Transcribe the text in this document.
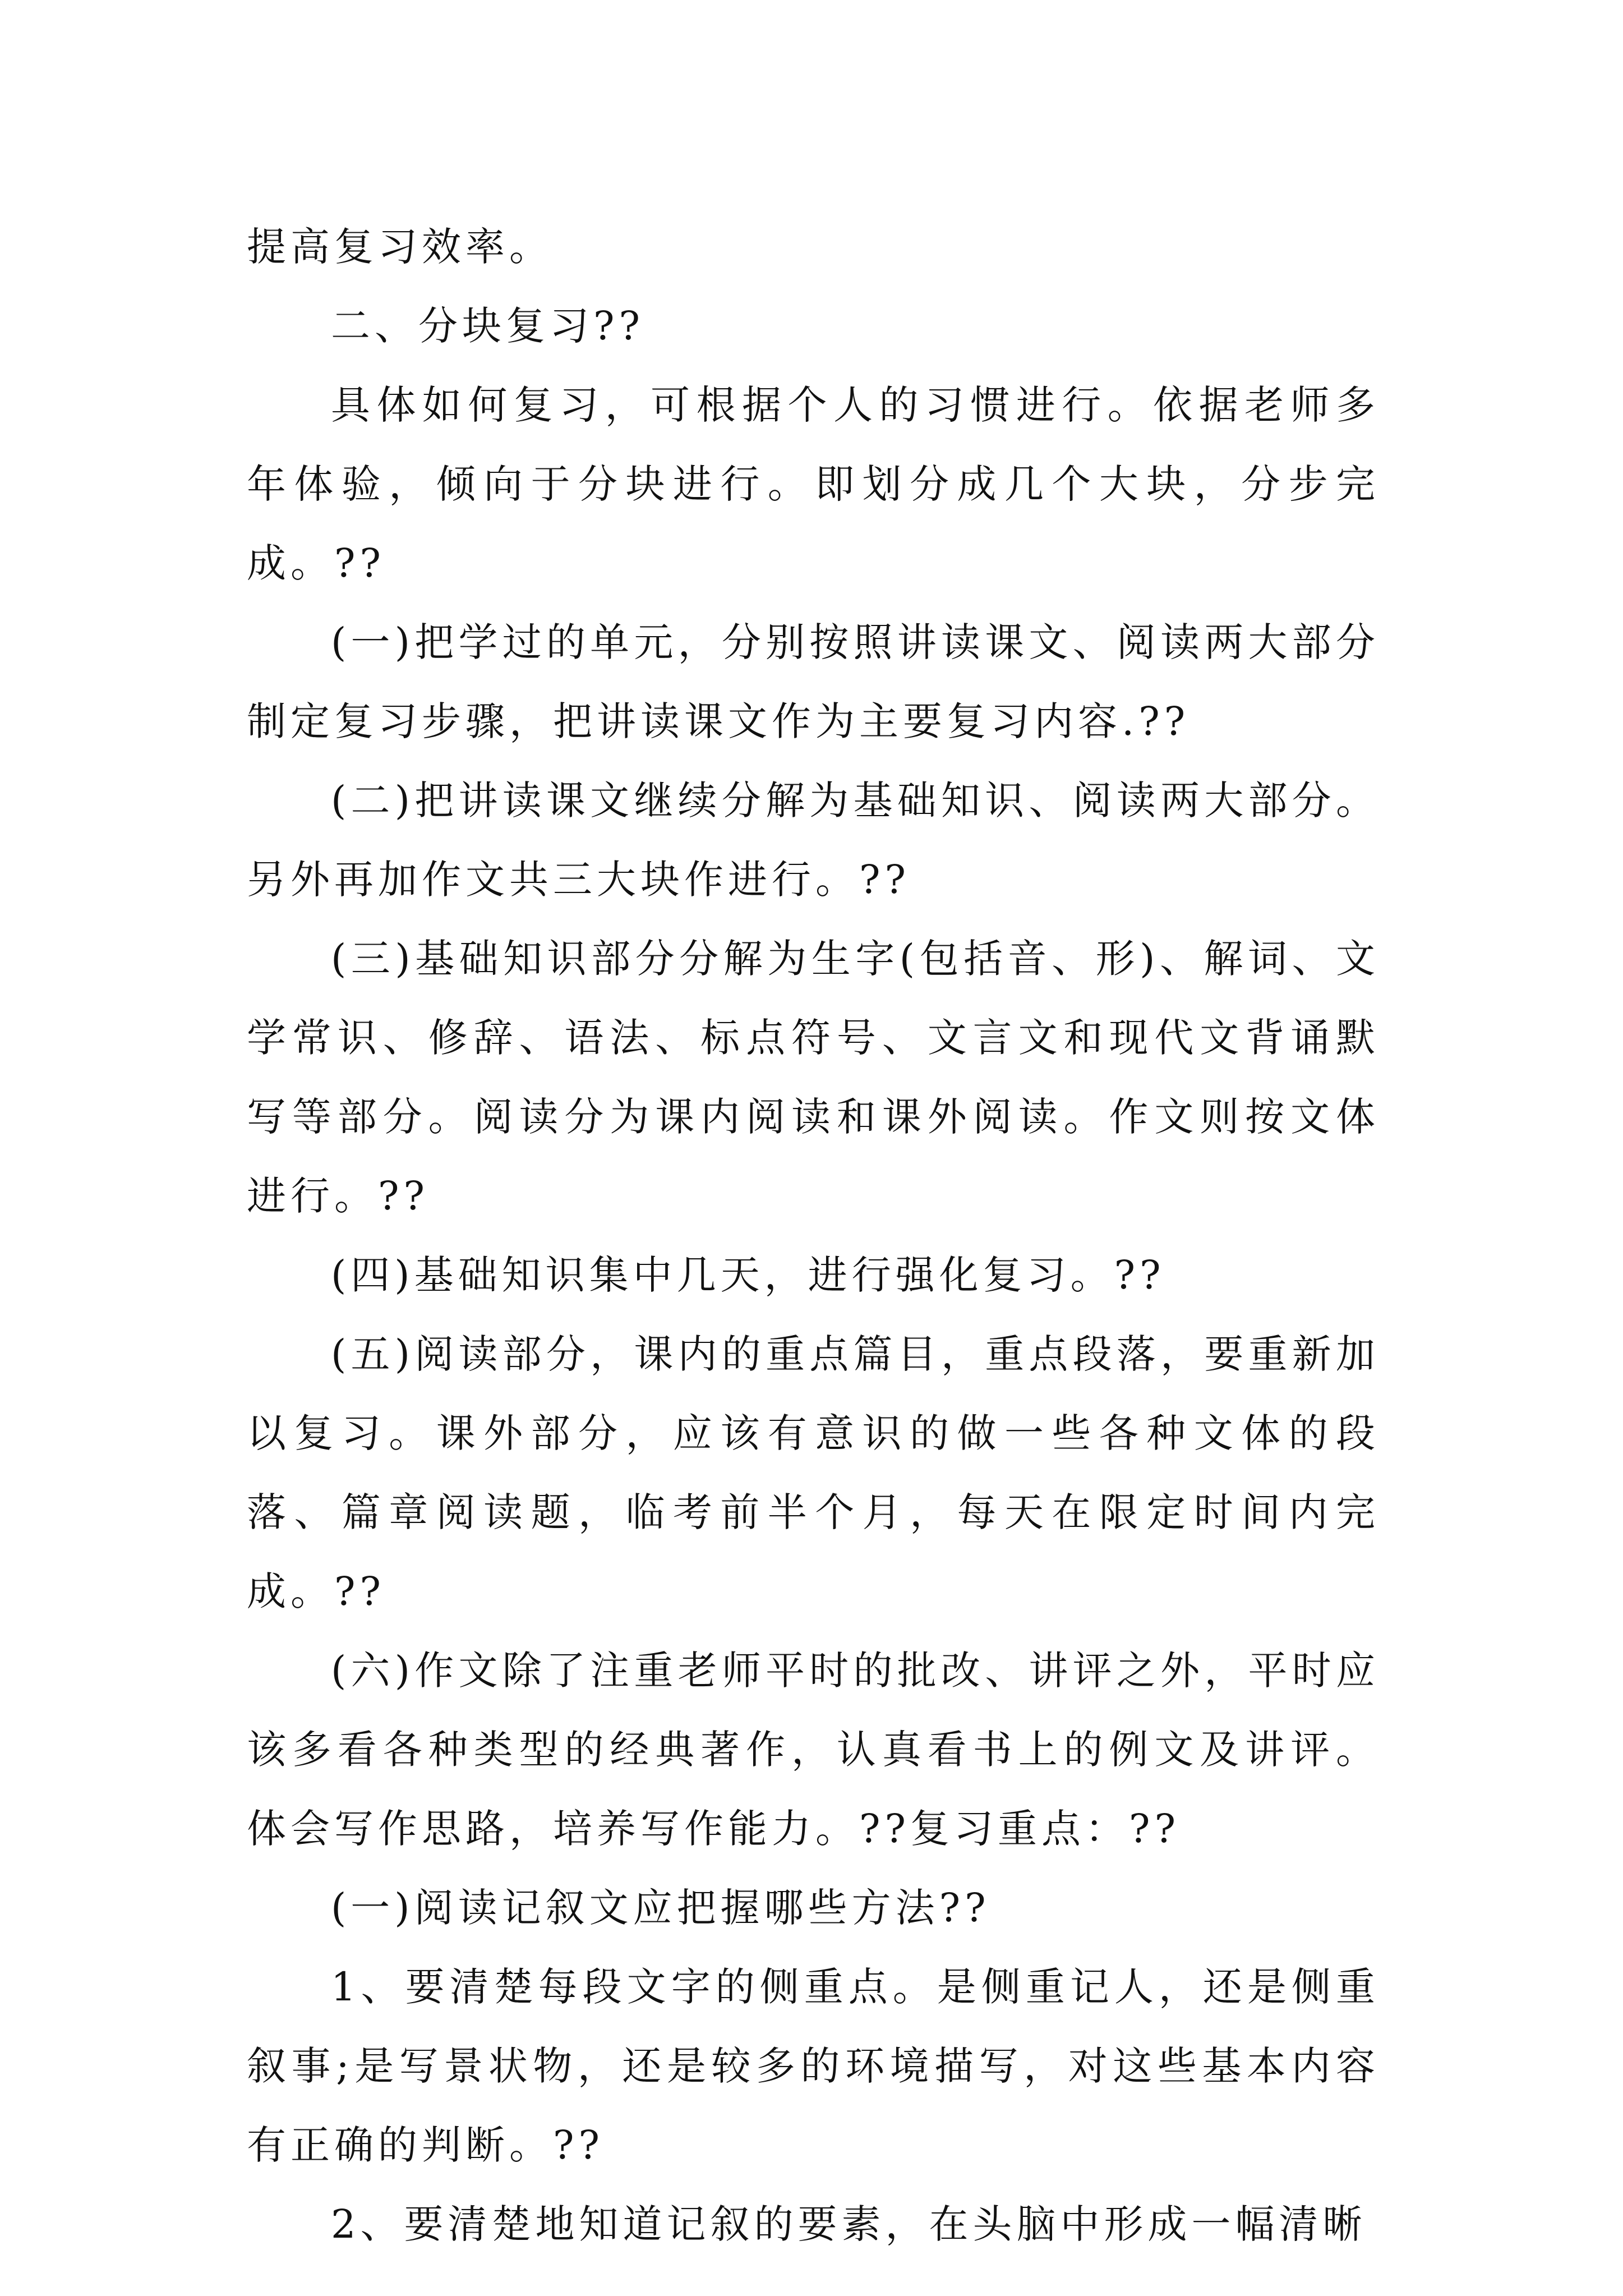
提高复习效率。

二、分块复习??

具体如何复习，可根据个人的习惯进行。依据老师多年体验，倾向于分块进行。即划分成几个大块，分步完成。??

(一)把学过的单元，分别按照讲读课文、阅读两大部分制定复习步骤，把讲读课文作为主要复习内容.??

(二)把讲读课文继续分解为基础知识、阅读两大部分。另外再加作文共三大块作进行。??

(三)基础知识部分分解为生字(包括音、形)、解词、文学常识、修辞、语法、标点符号、文言文和现代文背诵默写等部分。阅读分为课内阅读和课外阅读。作文则按文体进行。??

(四)基础知识集中几天，进行强化复习。??

(五)阅读部分，课内的重点篇目，重点段落，要重新加以复习。课外部分，应该有意识的做一些各种文体的段落、篇章阅读题，临考前半个月，每天在限定时间内完成。??

(六)作文除了注重老师平时的批改、讲评之外，平时应该多看各种类型的经典著作，认真看书上的例文及讲评。体会写作思路，培养写作能力。??复习重点：??

(一)阅读记叙文应把握哪些方法??

1、要清楚每段文字的侧重点。是侧重记人，还是侧重叙事;是写景状物，还是较多的环境描写，对这些基本内容有正确的判断。??

2、要清楚地知道记叙的要素，在头脑中形成一幅清晰
